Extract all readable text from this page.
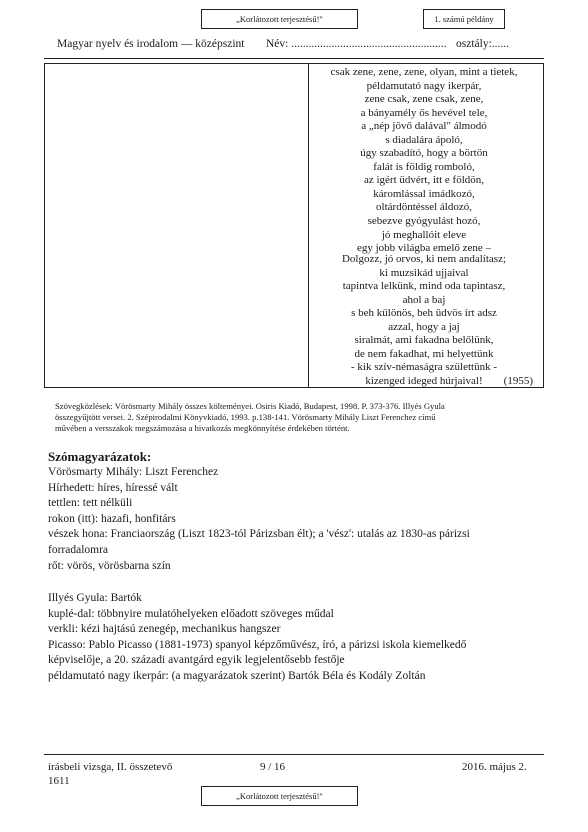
„Korlátozott terjesztésű!"	1. számú példány
Magyar nyelv és irodalom — középszint Név: ...................................................... osztály:......
csak zene, zene, zene, olyan, mint a tietek,
példamutató nagy ikerpár,
zene csak, zene csak, zene,
a bányamély ős hevével tele,
a „nép jövő dalával" álmodó
s diadalára ápoló,
úgy szabadító, hogy a börtön
falát is földig romboló,
az igért üdvért, itt e földön,
káromlással imádkozó,
oltárdöntéssel áldozó,
sebezve gyógyulást hozó,
jó meghallóit eleve
egy jobb világba emelő zene –
Dolgozz, jó orvos, ki nem andalítasz;
ki muzsikád ujjaival
tapintva lelkünk, mind oda tapintasz,
ahol a baj
s beh különös, beh üdvös írt adsz
azzal, hogy a jaj
siralmát, ami fakadna belőlünk,
de nem fakadhat, mi helyettünk
- kik szív-némaságra születtünk -
kizenged ideged húrjaival!	(1955)
Szövegközlések: Vörösmarty Mihály összes költeményei. Osiris Kiadó, Budapest, 1998. P. 373-376. Illyés Gyula
összegyűjtött versei. 2. Szépirodalmi Könyvkiadó, 1993. p.138-141. Vörösmarty Mihály Liszt Ferenchez című
művében a versszakok megszámozása a hivatkozás megkönnyítése érdekében történt.
Szómagyarázatok:
Vörösmarty Mihály: Liszt Ferenchez
Hírhedett: híres, híressé vált
tettlen: tett nélküli
rokon (itt): hazafi, honfitárs
vészek hona: Franciaország (Liszt 1823-tól Párizsban élt); a 'vész': utalás az 1830-as párizsi
forradalomra
rőt: vörös, vörösbarna szín
Illyés Gyula: Bartók
kuplé-dal: többnyire mulatóhelyeken előadott szöveges műdal
verkli: kézi hajtású zenegép, mechanikus hangszer
Picasso: Pablo Picasso (1881-1973) spanyol képzőművész, író, a párizsi iskola kiemelkedő
képviselője, a 20. századi avantgárd egyik legjelentősebb festője
példamutató nagy ikerpár: (a magyarázatok szerint) Bartók Béla és Kodály Zoltán
írásbeli vizsga, II. összetevő	9 / 16	2016. május 2.
1611
„Korlátozott terjesztésű!"
